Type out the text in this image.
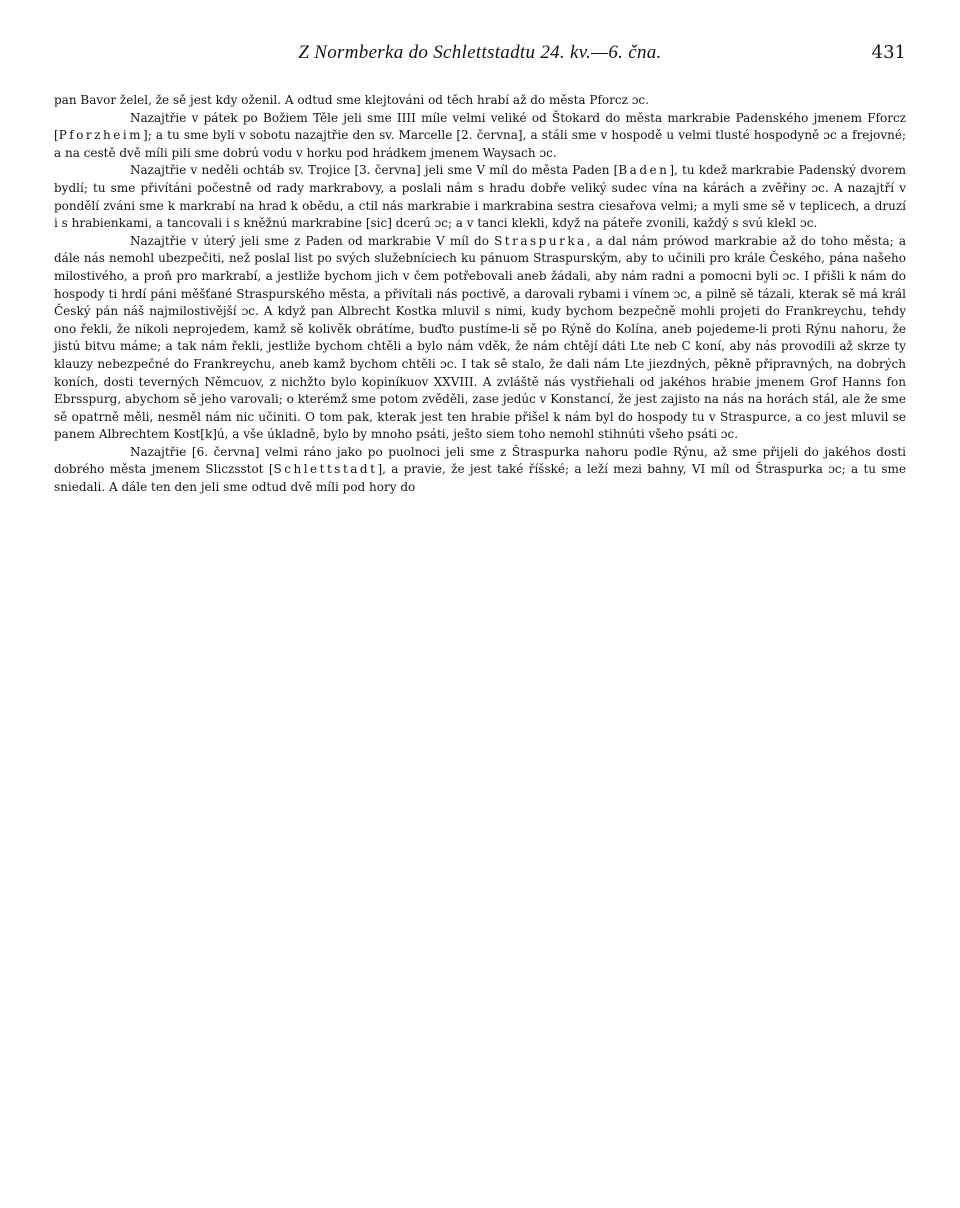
Z Normberka do Schlettstadtu 24. kv.—6. čna.	431

pan Bavor želel, že sě jest kdy oženil. A odtud sme klejtováni od těch hrabí až do města Pforcz ɔc.

Nazajtřie v pátek po Božiem Těle jeli sme IIII míle velmi veliké od Štokard do města markrabie Padenského jmenem Fforcz [Pforzheim]; a tu sme byli v sobotu nazajtřie den sv. Marcelle [2. června], a stáli sme v hospodě u velmi tlusté hospodyně ɔc a frejovné; a na cestě dvě míli pili sme dobrú vodu v horku pod hrádkem jmenem Waysach ɔc.

Nazajtřie v neděli ochtáb sv. Trojice [3. června] jeli sme V míl do města Paden [Baden], tu kdež markrabie Padenský dvorem bydlí; tu sme přivítáni počestně od rady markrabovy, a poslali nám s hradu dobře veliký sudec vína na kárách a zvěřiny ɔc. A nazajtří v pondělí zváni sme k markrabí na hrad k obědu, a ctil nás markrabie i markrabina sestra ciesařova velmi; a myli sme sě v teplicech, a druzí i s hrabienkami, a tancovali i s kněžnú markrabine [sic] dcerú ɔc; a v tanci klekli, když na páteře zvonili, každý s svú klekl ɔc.

Nazajtřie v úterý jeli sme z Paden od markrabie V míl do Straspurka, a dal nám prówod markrabie až do toho města; a dále nás nemohl ubezpečiti, než poslal list po svých služebníciech ku pánuom Straspurským, aby to učinili pro krále Českého, pána našeho milostivého, a proň pro markrabí, a jestliže bychom jich v čem potřebovali aneb žádali, aby nám radni a pomocni byli ɔc. I přišli k nám do hospody ti hrdí páni měšťané Straspurského města, a přivítali nás poctivě, a darovali rybami i vínem ɔc, a pilně sě tázali, kterak sě má král Český pán náš najmilostivější ɔc. A když pan Albrecht Kostka mluvil s nimi, kudy bychom bezpečně mohli projeti do Frankreychu, tehdy ono řekli, že nikoli neprojedem, kamž sě kolivěk obrátíme, buďto pustíme-li sě po Rýně do Kolína, aneb pojedeme-li proti Rýnu nahoru, že jistú bitvu máme; a tak nám řekli, jestliže bychom chtěli a bylo nám vděk, že nám chtějí dáti Lte neb C koní, aby nás provodili až skrze ty klauzy nebezpečné do Frankreychu, aneb kamž bychom chtěli ɔc. I tak sě stalo, že dali nám Lte jiezdných, pěkně připravných, na dobrých koních, dosti teverných Němcuov, z nichžto bylo kopiníkuov XXVIII. A zvláště nás vystřiehali od jakéhos hrabie jmenem Grof Hanns fon Ebrsspurg, abychom sě jeho varovali; o kterémž sme potom zvěděli, zase jedúc v Konstancí, že jest zajisto na nás na horách stál, ale že sme sě opatrně měli, nesměl nám nic učiniti. O tom pak, kterak jest ten hrabie přišel k nám byl do hospody tu v Straspurce, a co jest mluvil se panem Albrechtem Kost[k]ú, a vše úkladně, bylo by mnoho psáti, ješto siem toho nemohl stihnúti všeho psáti ɔc.

Nazajtřie [6. června] velmi ráno jako po puolnoci jeli sme z Štraspurka nahoru podle Rýnu, až sme přijeli do jakéhos dosti dobrého města jmenem Sliczsstot [Schlettstadt], a pravie, že jest také říšské; a leží mezi bahny, VI míl od Štraspurka ɔc; a tu sme sniedali. A dále ten den jeli sme odtud dvě míli pod hory do
